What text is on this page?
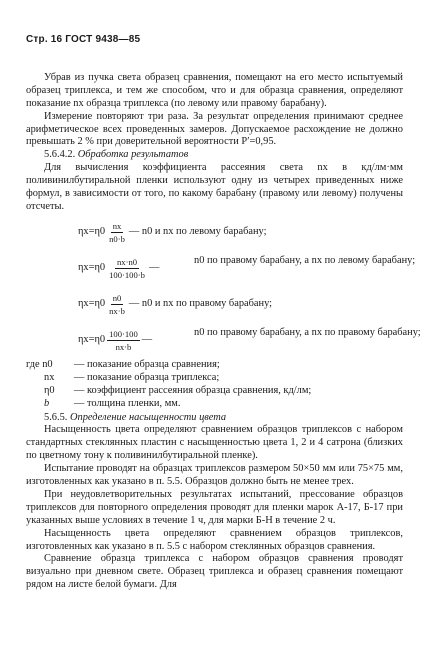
Стр. 16 ГОСТ 9438—85

Убрав из пучка света образец сравнения, помещают на его место испытуемый образец триплекса, и тем же способом, что и для образца сравнения, определяют показание nx образца триплекса (по левому или правому барабану).

Измерение повторяют три раза. За результат определения принимают среднее арифметическое всех проведенных замеров. Допускаемое расхождение не должно превышать 2 % при доверительной вероятности P′=0,95.

5.6.4.2. Обработка результатов

Для вычисления коэффициента рассеяния света nx в кд/лм·мм поливинилбутиральной пленки используют одну из четырех приведенных ниже формул, в зависимости от того, по какому барабану (правому или левому) получены отсчеты.

$\eta x=\eta 0 \frac{nx}{n0\cdot b}$ — n0 и nx по левому барабану;
$\eta x=\eta 0 \frac{nx\cdot n0}{100\cdot 100\cdot b}$ —
n0 по правому барабану, а nx по левому барабану;
$\eta x=\eta 0 \frac{n0}{nx\cdot b}$ — n0 и nx по правому барабану;
$\eta x=\eta 0 \frac{100\cdot 100}{nx\cdot b}$ —
n0 по правому барабану, а nx по правому барабану;
где n0	— показание образца сравнения;
nx	— показание образца триплекса;
η0	— коэффициент рассеяния образца сравнения, кд/лм;
b	— толщина пленки, мм.
5.6.5. Определение насыщенности цвета

Насыщенность цвета определяют сравнением образцов триплексов с набором стандартных стеклянных пластин с насыщенностью цвета 1, 2 и 4 сатрона (близких по цветному тону к поливинилбутиральной пленке).

Испытание проводят на образцах триплексов размером 50×50 мм или 75×75 мм, изготовленных как указано в п. 5.5. Образцов должно быть не менее трех.

При неудовлетворительных результатах испытаний, прессование образцов триплексов для повторного определения проводят для пленки марок А-17, Б-17 при указанных выше условиях в течение 1 ч, для марки Б-Н в течение 2 ч.

Насыщенность цвета определяют сравнением образцов триплексов, изготовленных как указано в п. 5.5 с набором стеклянных образцов сравнения.

Сравнение образца триплекса с набором образцов сравнения проводят визуально при дневном свете. Образец триплекса и образец сравнения помещают рядом на листе белой бумаги. Для
